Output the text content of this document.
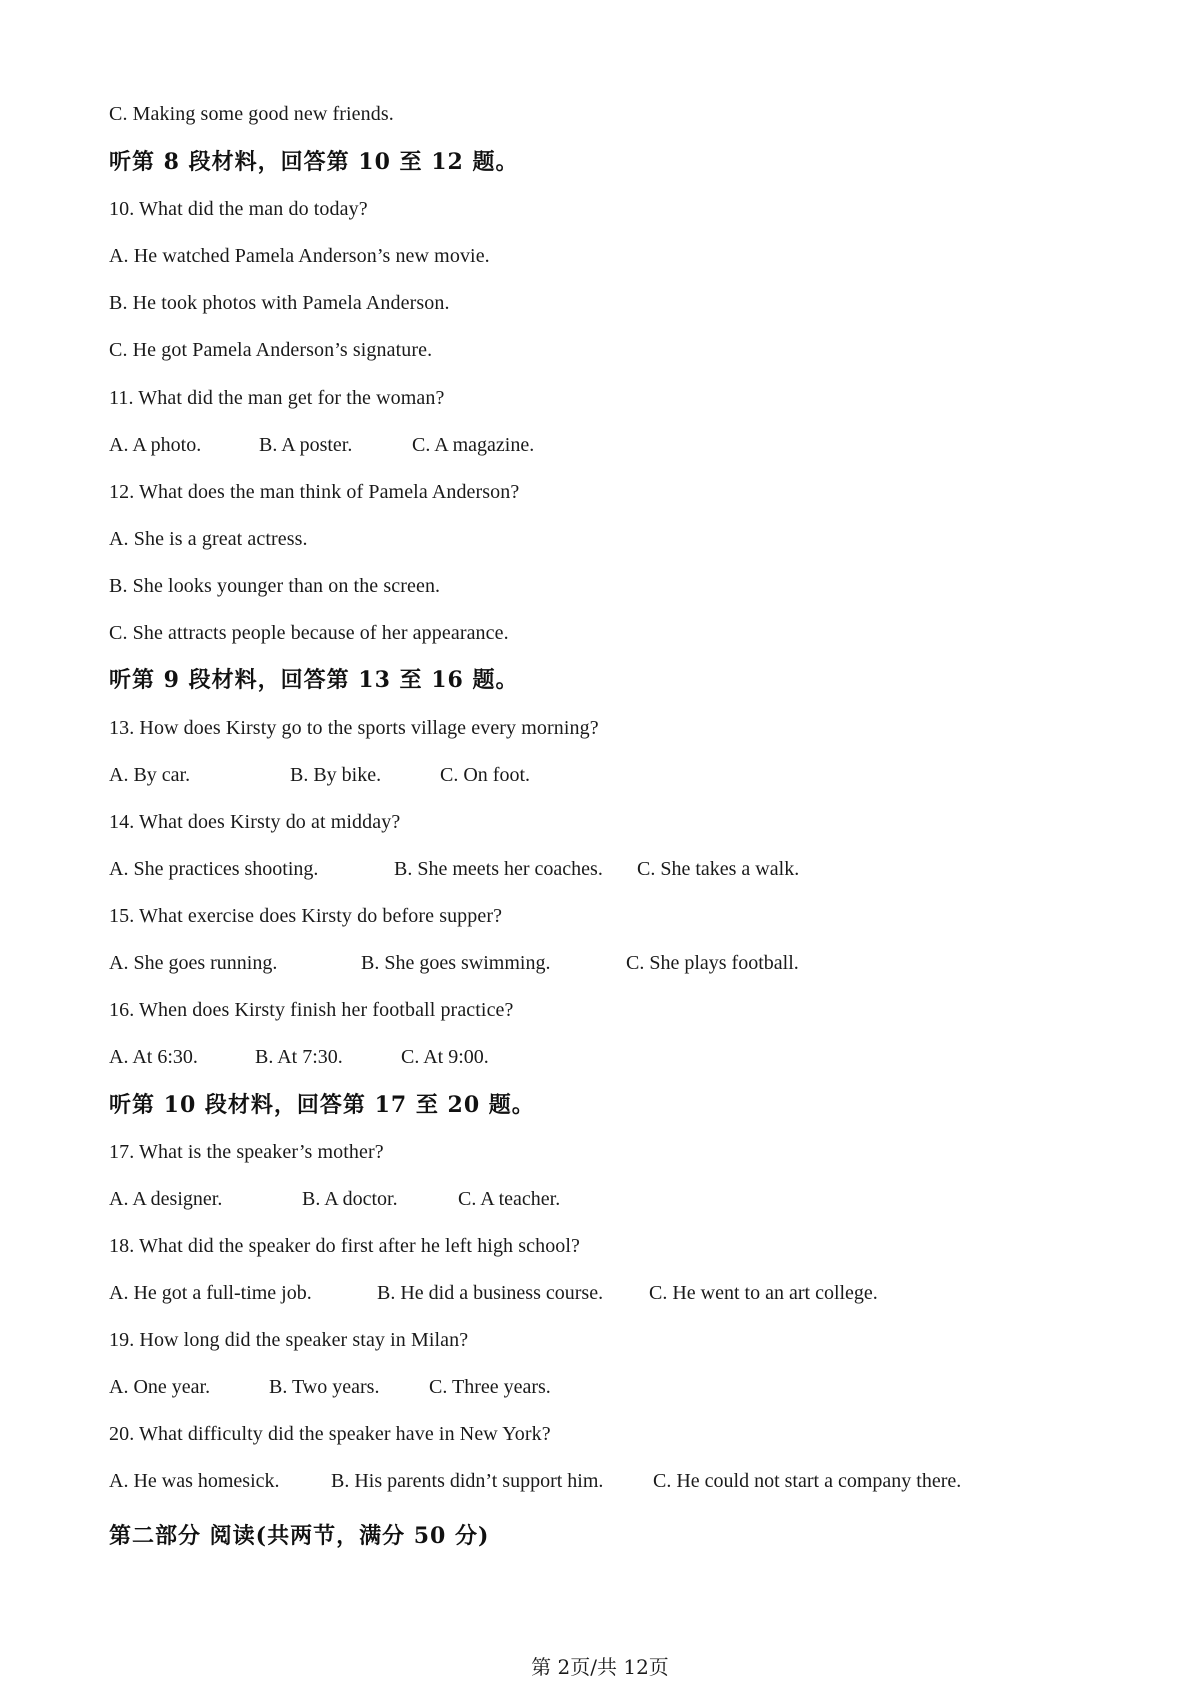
C. Making some good new friends.
听第 8 段材料，回答第 10 至 12 题。
10. What did the man do today?
A. He watched Pamela Anderson’s new movie.
B. He took photos with Pamela Anderson.
C. He got Pamela Anderson’s signature.
11. What did the man get for the woman?
A. A photo.	B. A poster.	C. A magazine.
12. What does the man think of Pamela Anderson?
A. She is a great actress.
B. She looks younger than on the screen.
C. She attracts people because of her appearance.
听第 9 段材料，回答第 13 至 16 题。
13. How does Kirsty go to the sports village every morning?
A. By car.	B. By bike.	C. On foot.
14. What does Kirsty do at midday?
A. She practices shooting.	B. She meets her coaches. C. She takes a walk.
15. What exercise does Kirsty do before supper?
A. She goes running.	B. She goes swimming.	C. She plays football.
16. When does Kirsty finish her football practice?
A. At 6:30.	B. At 7:30.	C. At 9:00.
听第 10 段材料，回答第 17 至 20 题。
17. What is the speaker’s mother?
A. A designer.	B. A doctor.	C. A teacher.
18. What did the speaker do first after he left high school?
A. He got a full-time job.	B. He did a business course. C. He went to an art college.
19. How long did the speaker stay in Milan?
A. One year.	B. Two years. C. Three years.
20. What difficulty did the speaker have in New York?
A. He was homesick.	B. His parents didn’t support him. C. He could not start a company there.
第二部分 阅读(共两节，满分 50 分)
第 2页/共 12页
